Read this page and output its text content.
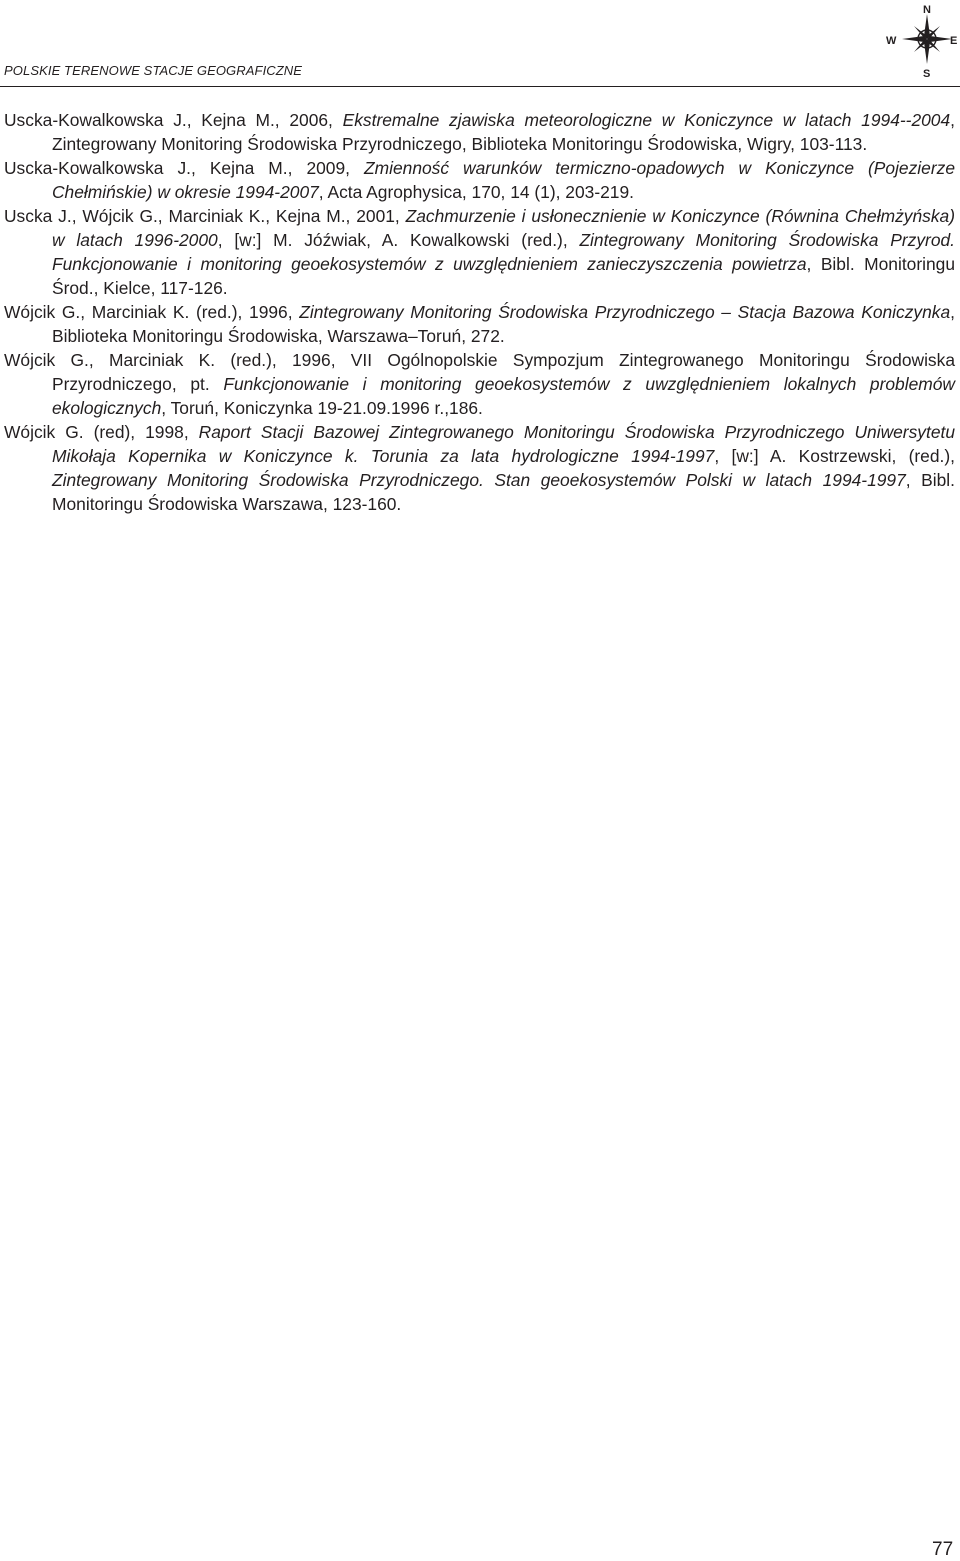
POLSKIE TERENOWE STACJE GEOGRAFICZNE
N
S
W	E

Uscka-Kowalkowska J., Kejna M., 2006, Ekstremalne zjawiska meteorologiczne w Koniczynce w latach 1994--2004, Zintegrowany Monitoring Środowiska Przyrodniczego, Biblioteka Monitoringu Środowiska, Wigry, 103-113.

Uscka-Kowalkowska J., Kejna M., 2009, Zmienność warunków termiczno-opadowych w Koniczynce (Pojezierze Chełmińskie) w okresie 1994-2007, Acta Agrophysica, 170, 14 (1), 203-219.

Uscka J., Wójcik G., Marciniak K., Kejna M., 2001, Zachmurzenie i usłonecznienie w Koniczynce (Równina Chełmżyńska) w latach 1996-2000, [w:] M. Jóźwiak, A. Kowalkowski (red.), Zintegrowany Monitoring Środowiska Przyrod. Funkcjonowanie i monitoring geoekosystemów z uwzględnieniem zanieczyszczenia powietrza, Bibl. Monitoringu Środ., Kielce, 117-126.

Wójcik G., Marciniak K. (red.), 1996, Zintegrowany Monitoring Środowiska Przyrodniczego – Stacja Bazowa Koniczynka, Biblioteka Monitoringu Środowiska, Warszawa–Toruń, 272.

Wójcik G., Marciniak K. (red.), 1996, VII Ogólnopolskie Sympozjum Zintegrowanego Monitoringu Środowiska Przyrodniczego, pt. Funkcjonowanie i monitoring geoekosystemów z uwzględnieniem lokalnych problemów ekologicznych, Toruń, Koniczynka 19-21.09.1996 r.,186.

Wójcik G. (red), 1998, Raport Stacji Bazowej Zintegrowanego Monitoringu Środowiska Przyrodniczego Uniwersytetu Mikołaja Kopernika w Koniczynce k. Torunia za lata hydrologiczne 1994-1997, [w:] A. Kostrzewski, (red.), Zintegrowany Monitoring Środowiska Przyrodniczego. Stan geoekosystemów Polski w latach 1994-1997, Bibl. Monitoringu Środowiska Warszawa, 123-160.

77
